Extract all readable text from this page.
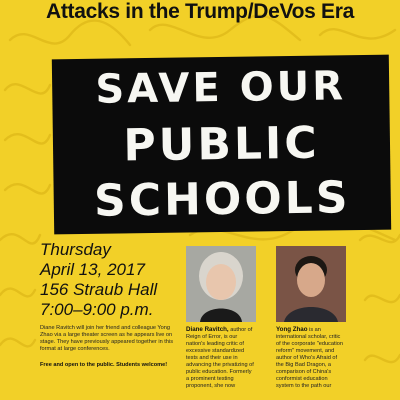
Attacks in the Trump/DeVos Era
SAVE OUR
PUBLIC
SCHOOLS
Thursday
April 13, 2017
156 Straub Hall
7:00–9:00 p.m.
Diane Ravitch will join her friend and colleague Yong Zhao via a large theater screen as he appears live on stage. They have previously appeared together in this format at large conferences.
Free and open to the public. Students welcome!
Diane Ravitch, author of Reign of Error, is our nation's leading critic of excessive standardized tests and their use in advancing the privatizing of public education. Formerly a prominent testing proponent, she now
Yong Zhao is an international scholar, critic of the corporate "education reform" movement, and author of Who's Afraid of the Big Bad Dragon, a comparison of China's conformist education system to the path our
